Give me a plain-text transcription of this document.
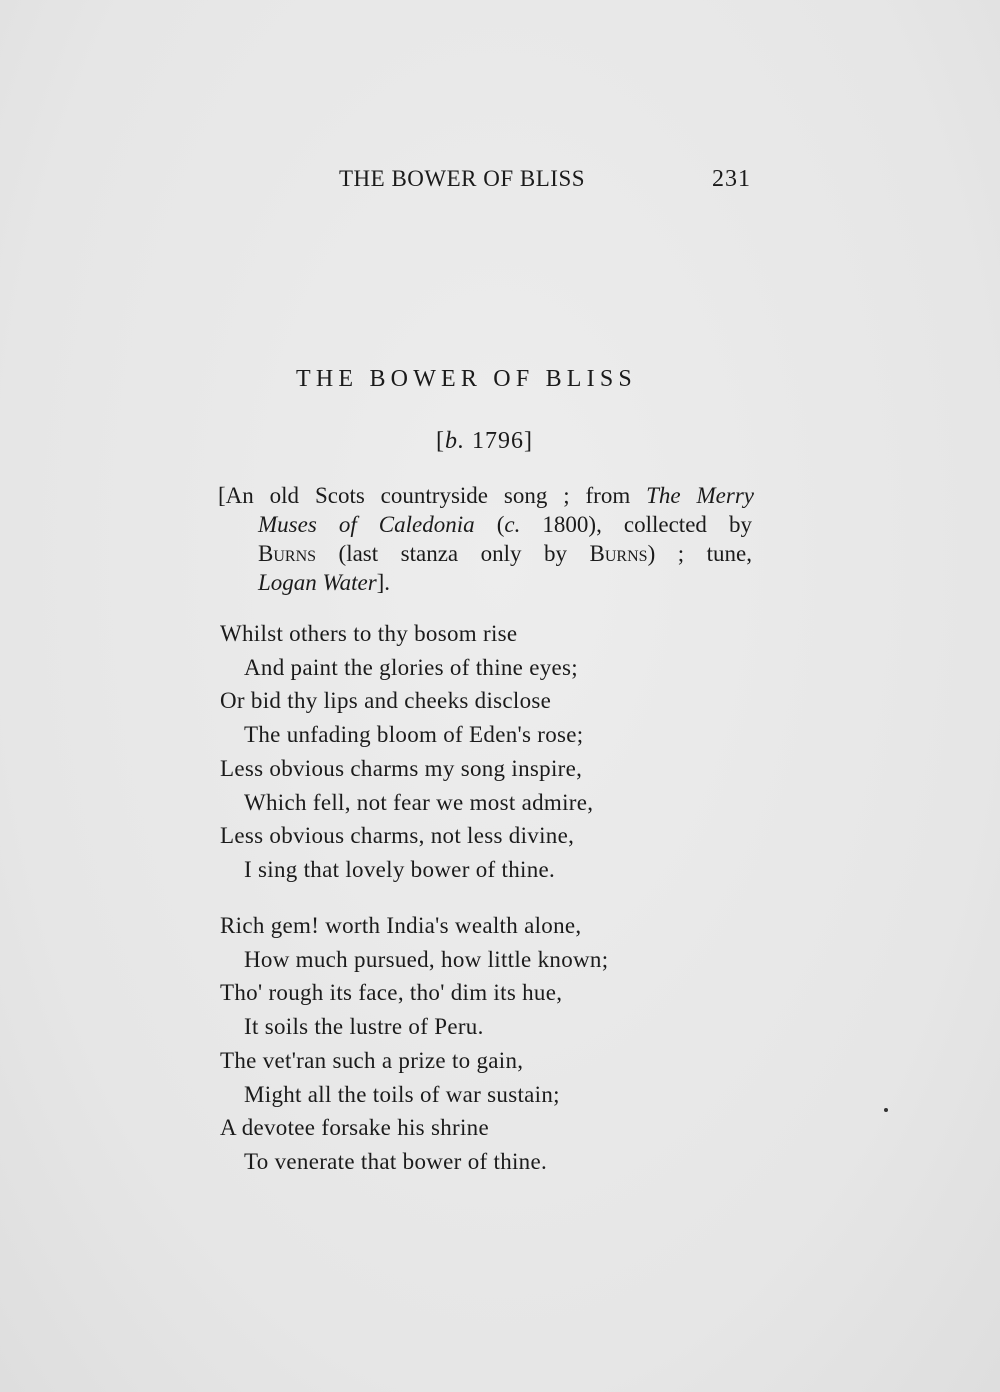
THE BOWER OF BLISS	231
THE BOWER OF BLISS
[b. 1796]
[An old Scots countryside song ; from The Merry
Muses of Caledonia (c. 1800), collected by
Burns (last stanza only by Burns) ; tune,
Logan Water].
Whilst others to thy bosom rise
And paint the glories of thine eyes;
Or bid thy lips and cheeks disclose
The unfading bloom of Eden's rose;
Less obvious charms my song inspire,
Which fell, not fear we most admire,
Less obvious charms, not less divine,
I sing that lovely bower of thine.
Rich gem! worth India's wealth alone,
How much pursued, how little known;
Tho' rough its face, tho' dim its hue,
It soils the lustre of Peru.
The vet'ran such a prize to gain,
Might all the toils of war sustain;
A devotee forsake his shrine
To venerate that bower of thine.
